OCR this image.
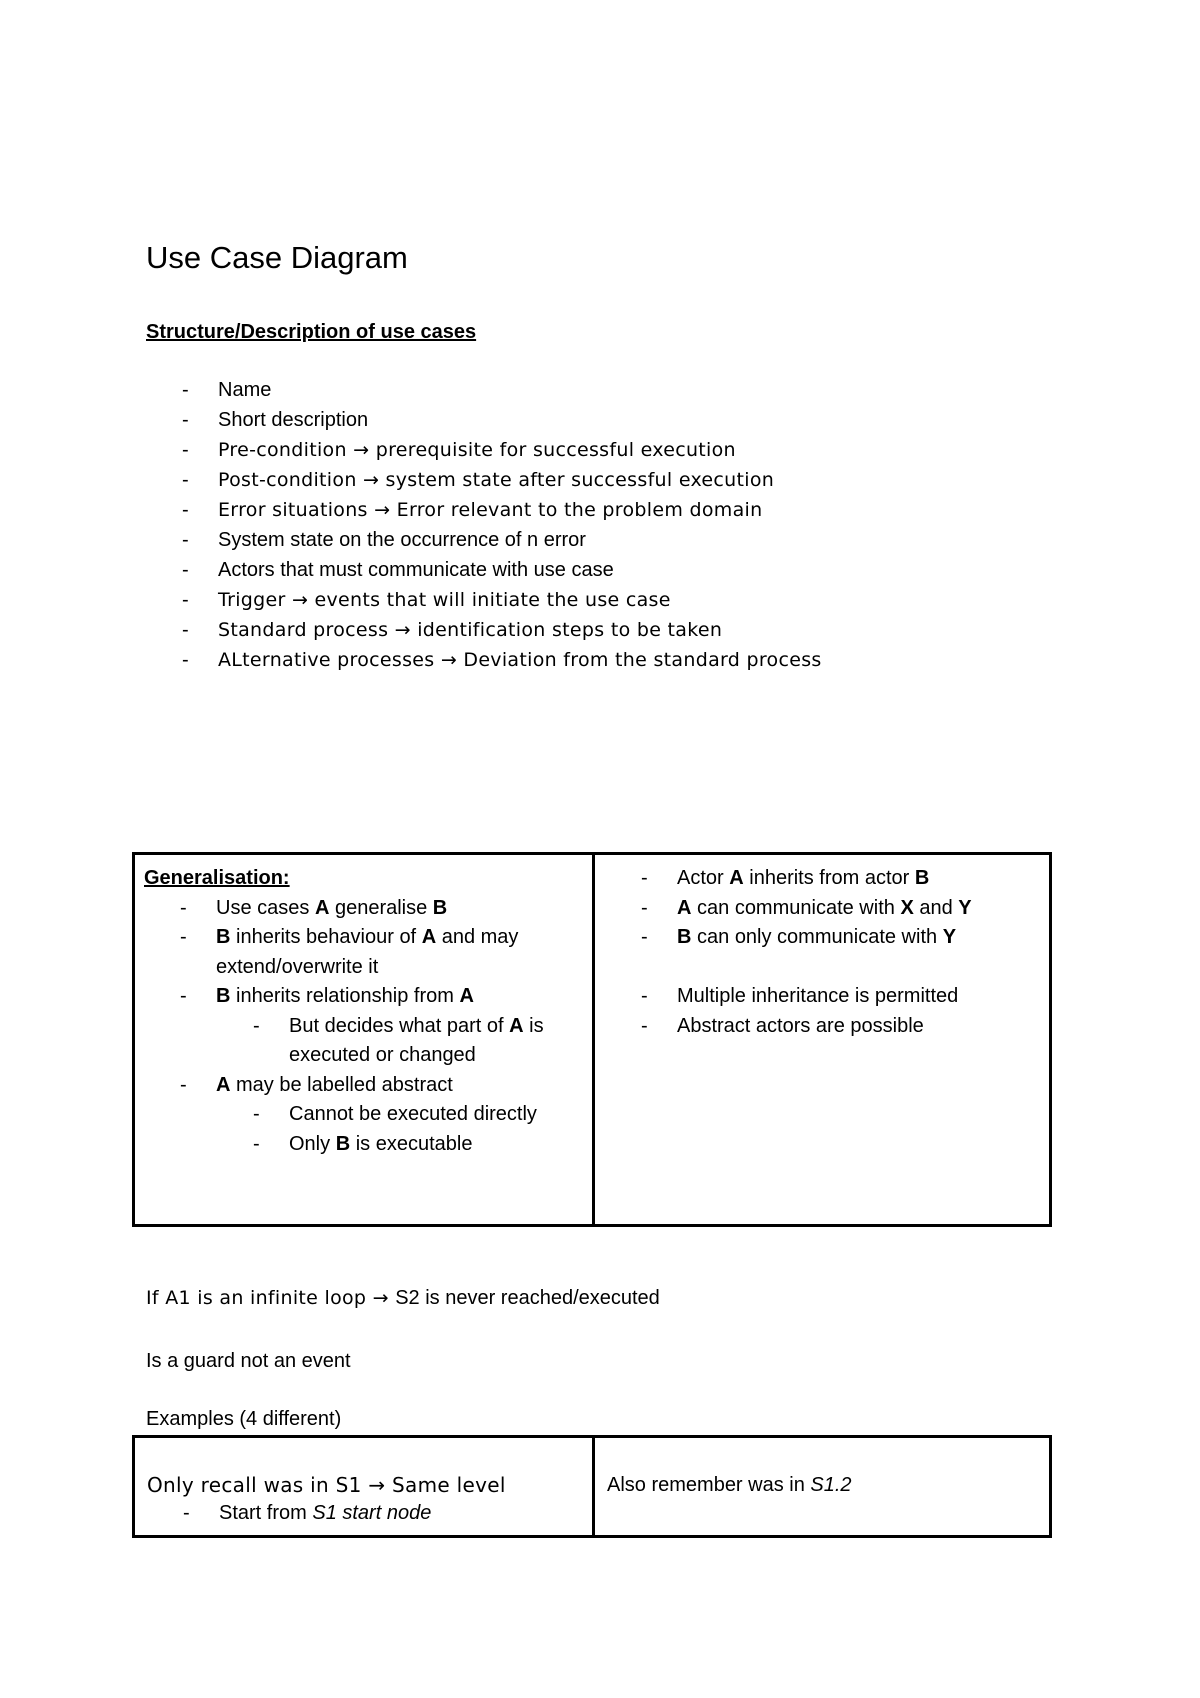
Use Case Diagram
Structure/Description of use cases
- Name
- Short description
- Pre-condition → prerequisite for successful execution
- Post-condition → system state after successful execution
- Error situations → Error relevant to the problem domain
- System state on the occurrence of n error
- Actors that must communicate with use case
- Trigger → events that will initiate the use case
- Standard process → identification steps to be taken
- ALternative processes → Deviation from the standard process
Generalisation:
- Use cases A generalise B
- B inherits behaviour of A and may extend/overwrite it
- B inherits relationship from A
- But decides what part of A is executed or changed
- A may be labelled abstract
- Cannot be executed directly
- Only B is executable
- Actor A inherits from actor B
- A can communicate with X and Y
- B can only communicate with Y
- Multiple inheritance is permitted
- Abstract actors are possible
If A1 is an infinite loop → S2 is never reached/executed
Is a guard not an event
Examples (4 different)
Only recall was in S1 → Same level
- Start from S1 start node
Also remember was in S1.2
